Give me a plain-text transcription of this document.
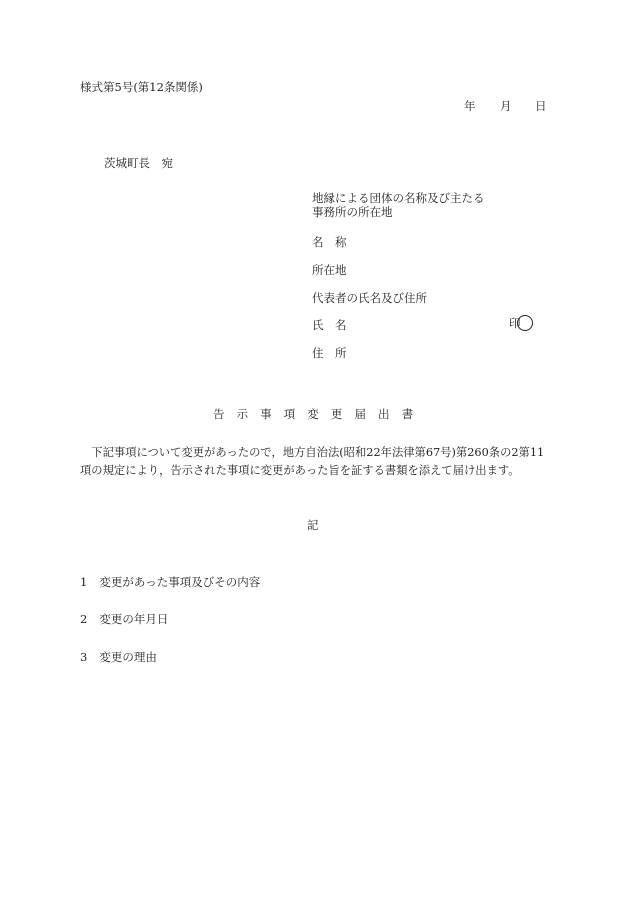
様式第5号(第12条関係)
年 月 日
茨城町長　宛
地縁による団体の名称及び主たる
事務所の所在地
名　称
所在地
代表者の氏名及び住所
氏　名	印
住　所
告示事項変更届出書
下記事項について変更があったので，地方自治法(昭和22年法律第67号)第260条の2第11項の規定により，告示された事項に変更があった旨を証する書類を添えて届け出ます。
記
1 変更があった事項及びその内容
2 変更の年月日
3 変更の理由
